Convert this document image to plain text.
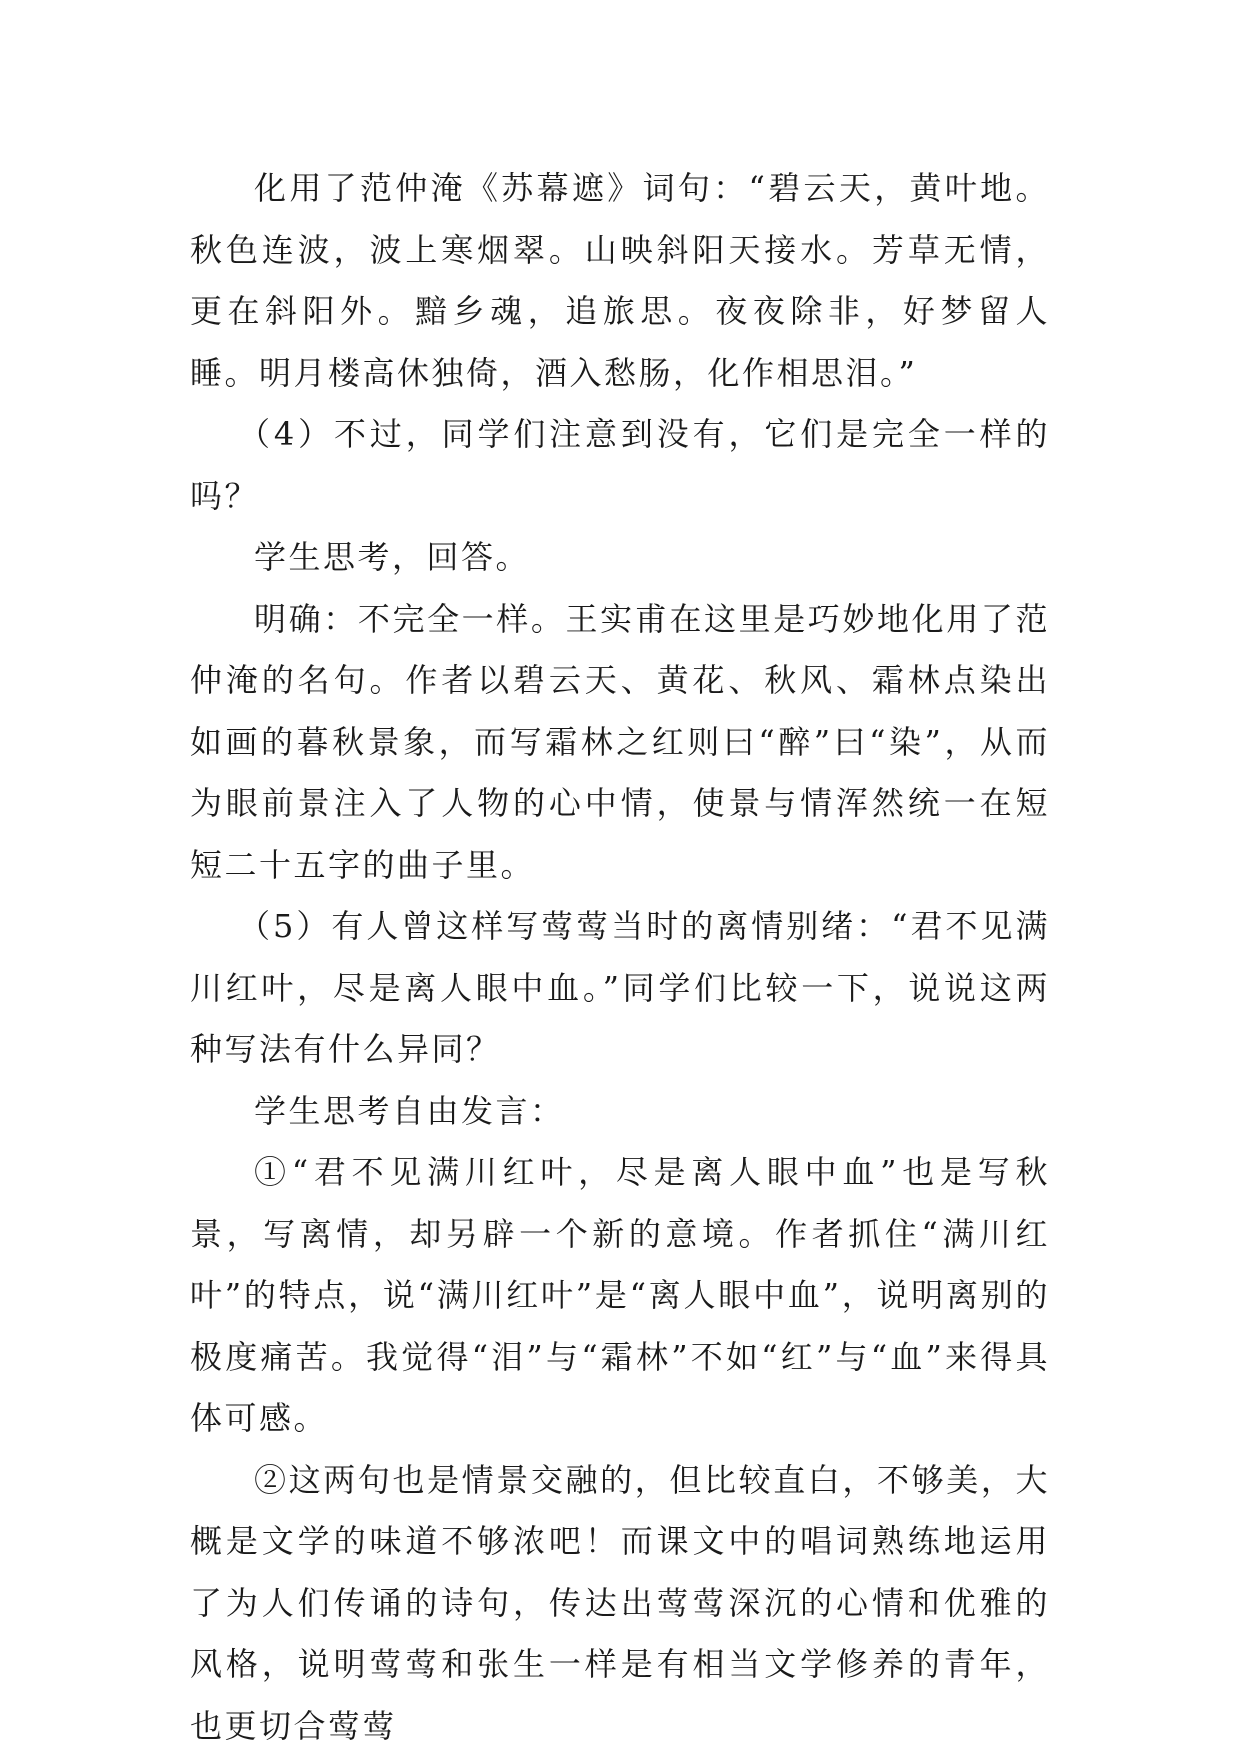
化用了范仲淹《苏幕遮》词句：“碧云天，黄叶地。秋色连波，波上寒烟翠。山映斜阳天接水。芳草无情，更在斜阳外。黯乡魂，追旅思。夜夜除非，好梦留人睡。明月楼高休独倚，酒入愁肠，化作相思泪。”

（4）不过，同学们注意到没有，它们是完全一样的吗？

学生思考，回答。

明确：不完全一样。王实甫在这里是巧妙地化用了范仲淹的名句。作者以碧云天、黄花、秋风、霜林点染出如画的暮秋景象，而写霜林之红则曰“醉”曰“染”，从而为眼前景注入了人物的心中情，使景与情浑然统一在短短二十五字的曲子里。

（5）有人曾这样写莺莺当时的离情别绪：“君不见满川红叶，尽是离人眼中血。”同学们比较一下，说说这两种写法有什么异同？

学生思考自由发言：

①“君不见满川红叶，尽是离人眼中血”也是写秋景，写离情，却另辟一个新的意境。作者抓住“满川红叶”的特点，说“满川红叶”是“离人眼中血”，说明离别的极度痛苦。我觉得“泪”与“霜林”不如“红”与“血”来得具体可感。

②这两句也是情景交融的，但比较直白，不够美，大概是文学的味道不够浓吧！而课文中的唱词熟练地运用了为人们传诵的诗句，传达出莺莺深沉的心情和优雅的风格，说明莺莺和张生一样是有相当文学修养的青年，也更切合莺莺
